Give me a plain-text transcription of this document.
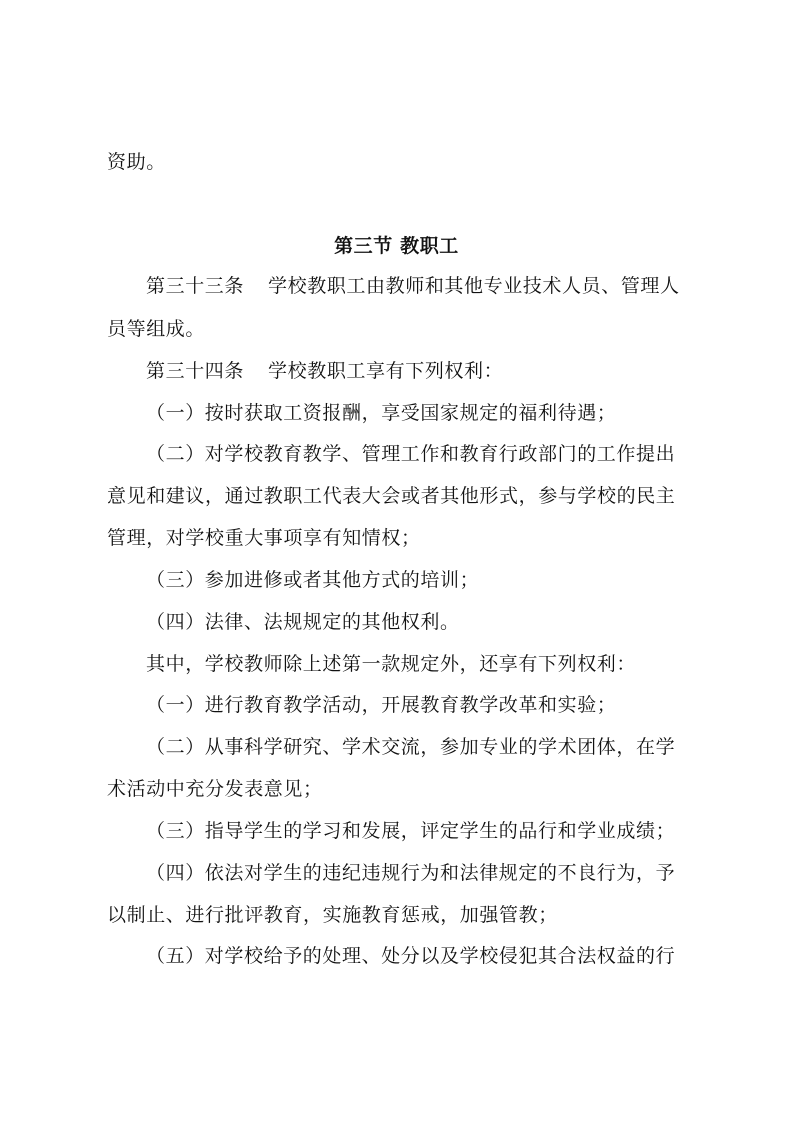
资助。
第三节 教职工
第三十三条 学校教职工由教师和其他专业技术人员、管理人
员等组成。
第三十四条 学校教职工享有下列权利：
（一）按时获取工资报酬，享受国家规定的福利待遇；
（二）对学校教育教学、管理工作和教育行政部门的工作提出
意见和建议，通过教职工代表大会或者其他形式，参与学校的民主
管理，对学校重大事项享有知情权；
（三）参加进修或者其他方式的培训；
（四）法律、法规规定的其他权利。
其中，学校教师除上述第一款规定外，还享有下列权利：
（一）进行教育教学活动，开展教育教学改革和实验；
（二）从事科学研究、学术交流，参加专业的学术团体，在学
术活动中充分发表意见；
（三）指导学生的学习和发展，评定学生的品行和学业成绩；
（四）依法对学生的违纪违规行为和法律规定的不良行为，予
以制止、进行批评教育，实施教育惩戒，加强管教；
（五）对学校给予的处理、处分以及学校侵犯其合法权益的行
